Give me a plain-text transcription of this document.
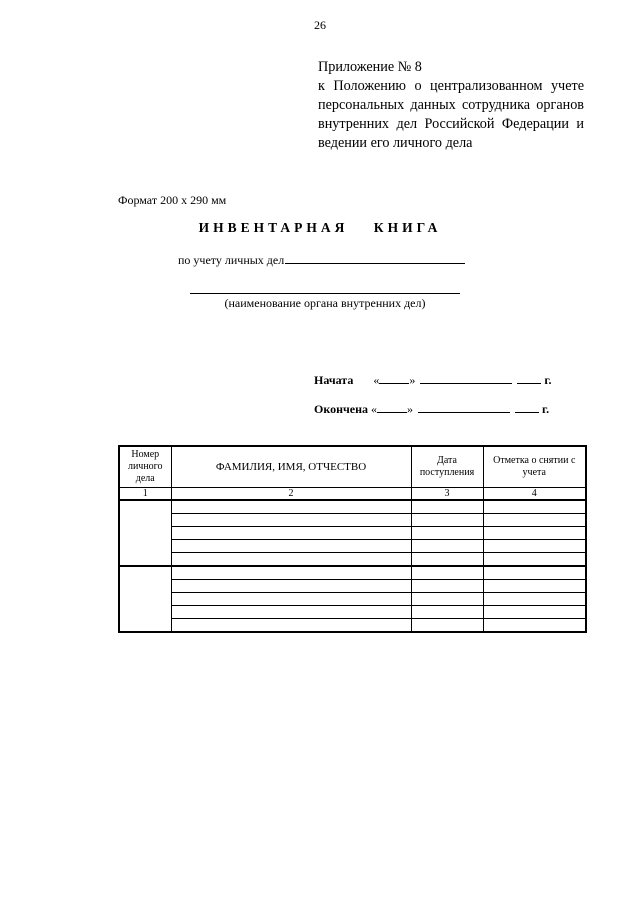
26
Приложение № 8
к Положению о централизованном учете персональных данных сотрудника органов внутренних дел Российской Федерации и ведении его личного дела
Формат 200 х 290 мм
ИНВЕНТАРНАЯ КНИГА
по учету личных дел
(наименование органа внутренних дел)
Начата «	»	г.
Окончена «	»	г.
Номер личного дела	ФАМИЛИЯ, ИМЯ, ОТЧЕСТВО	Дата поступления	Отметка о снятии с учета
1	2	3	4
